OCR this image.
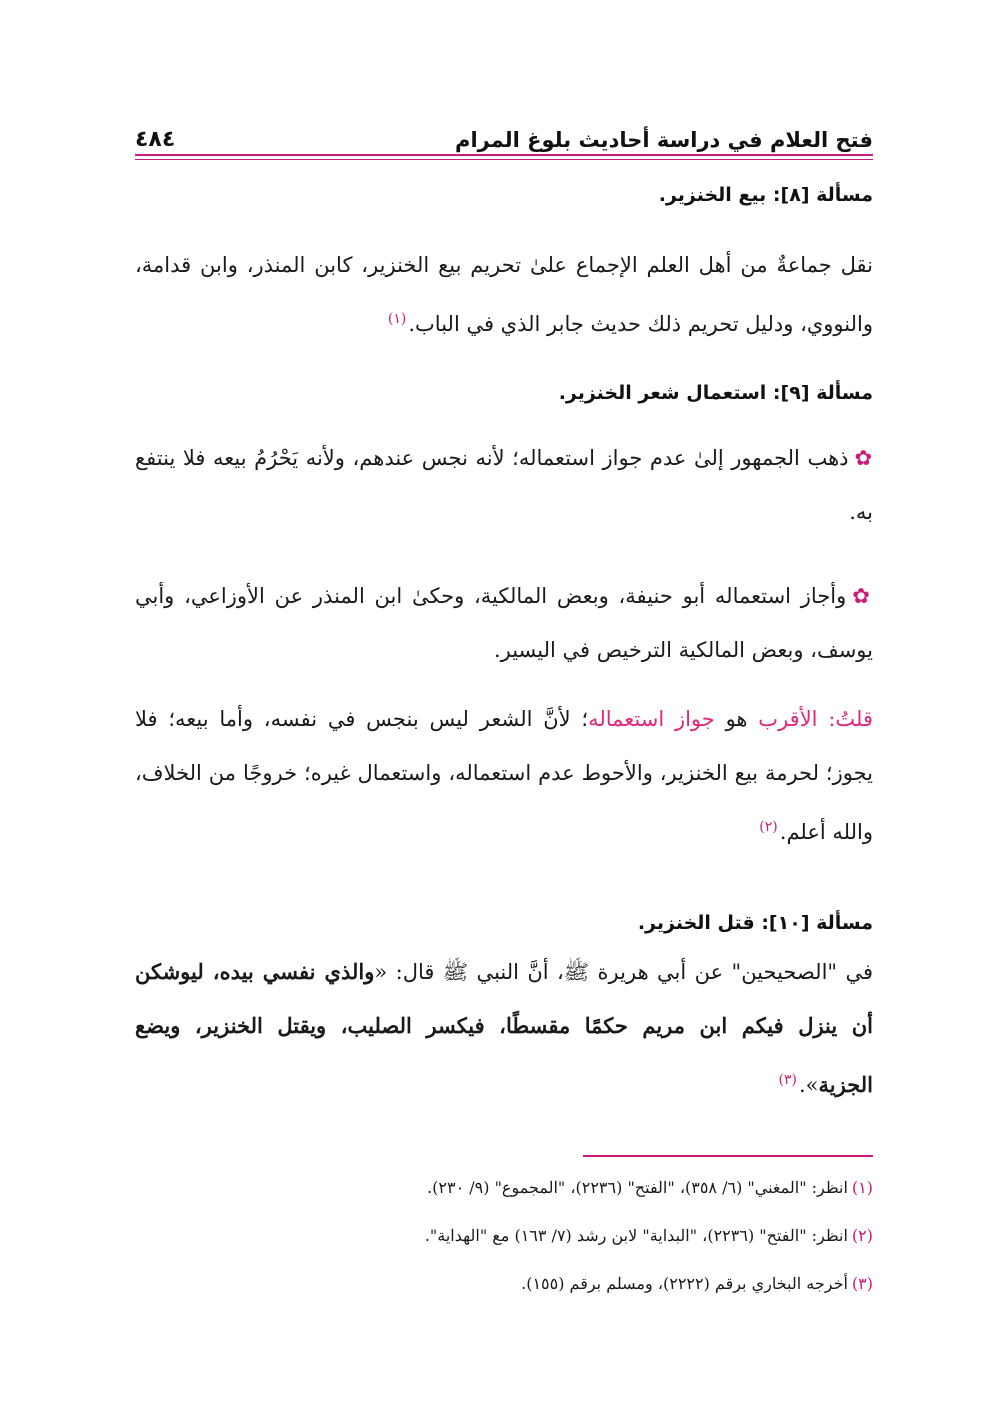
فتح العلام في دراسة أحاديث بلوغ المرام
٤٨٤
مسألة [٨]: بيع الخنزير.
نقل جماعةٌ من أهل العلم الإجماع علىٰ تحريم بيع الخنزير، كابن المنذر، وابن قدامة، والنووي، ودليل تحريم ذلك حديث جابر الذي في الباب.$^{(١)}$
مسألة [٩]: استعمال شعر الخنزير.
✿ذهب الجمهور إلىٰ عدم جواز استعماله؛ لأنه نجس عندهم، ولأنه يَحْرُمُ بيعه فلا ينتفع به.
✿وأجاز استعماله أبو حنيفة، وبعض المالكية، وحكىٰ ابن المنذر عن الأوزاعي، وأبي يوسف، وبعض المالكية الترخيص في اليسير.
قلتُ: الأقرب هو جواز استعماله؛ لأنَّ الشعر ليس بنجس في نفسه، وأما بيعه؛ فلا يجوز؛ لحرمة بيع الخنزير، والأحوط عدم استعماله، واستعمال غيره؛ خروجًا من الخلاف، والله أعلم.$^{(٢)}$
مسألة [١٠]: قتل الخنزير.
في "الصحيحين" عن أبي هريرة ﷺ، أنَّ النبي ﷺ قال: «والذي نفسي بيده، ليوشكن أن ينزل فيكم ابن مريم حكمًا مقسطًا، فيكسر الصليب، ويقتل الخنزير، ويضع الجزية».$^{(٣)}$
(١)انظر: "المغني" (٦/ ٣٥٨)، "الفتح" (٢٢٣٦)، "المجموع" (٩/ ٢٣٠).
(٢)انظر: "الفتح" (٢٢٣٦)، "البداية" لابن رشد (٧/ ١٦٣) مع "الهداية".
(٣)أخرجه البخاري برقم (٢٢٢٢)، ومسلم برقم (١٥٥).
